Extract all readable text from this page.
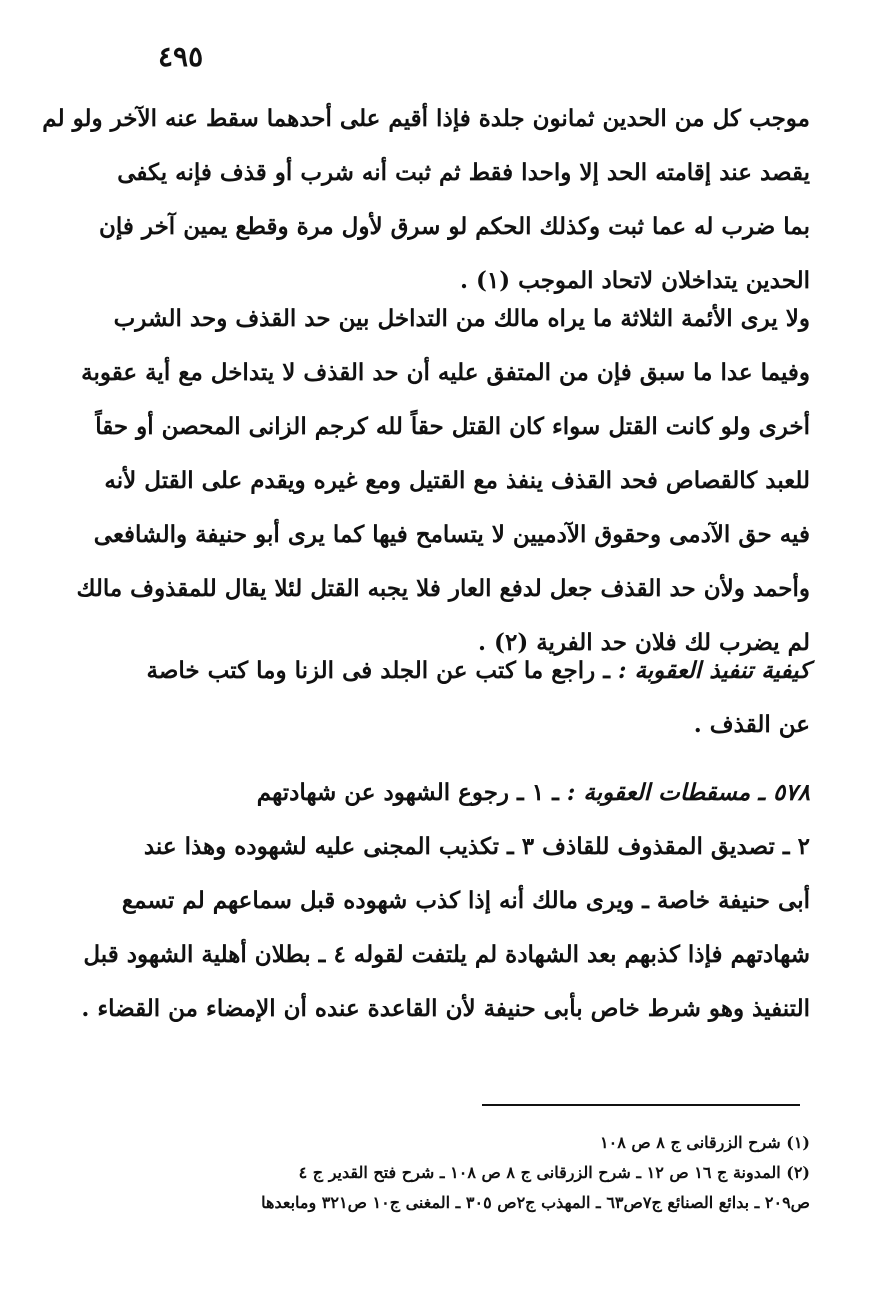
٤٩٥

موجب كل من الحدين ثمانون جلدة فإذا أقيم على أحدهما سقط عنه الآخر ولو لم
يقصد عند إقامته الحد إلا واحدا فقط ثم ثبت أنه شرب أو قذف فإنه يكفى
بما ضرب له عما ثبت وكذلك الحكم لو سرق لأول مرة وقطع يمين آخر فإن
الحدين يتداخلان لاتحاد الموجب (١) .

ولا يرى الأئمة الثلاثة ما يراه مالك من التداخل بين حد القذف وحد الشرب
وفيما عدا ما سبق فإن من المتفق عليه أن حد القذف لا يتداخل مع أية عقوبة
أخرى ولو كانت القتل سواء كان القتل حقاً لله كرجم الزانى المحصن أو حقاً
للعبد كالقصاص فحد القذف ينفذ مع القتيل ومع غيره ويقدم على القتل لأنه
فيه حق الآدمى وحقوق الآدميين لا يتسامح فيها كما يرى أبو حنيفة والشافعى
وأحمد ولأن حد القذف جعل لدفع العار فلا يجبه القتل لئلا يقال للمقذوف مالك
لم يضرب لك فلان حد الفرية (٢) .

كيفية تنفيذ العقوبة : ـ راجع ما كتب عن الجلد فى الزنا وما كتب خاصة
عن القذف .

٥٧٨ ـ مسقطات العقوبة : ـ ١ ـ رجوع الشهود عن شهادتهم
٢ ـ تصديق المقذوف للقاذف ٣ ـ تكذيب المجنى عليه لشهوده وهذا عند
أبى حنيفة خاصة ـ ويرى مالك أنه إذا كذب شهوده قبل سماعهم لم تسمع
شهادتهم فإذا كذبهم بعد الشهادة لم يلتفت لقوله ٤ ـ بطلان أهلية الشهود قبل
التنفيذ وهو شرط خاص بأبى حنيفة لأن القاعدة عنده أن الإمضاء من القضاء .

(١) شرح الزرقانى ج ٨ ص ١٠٨
(٢) المدونة ج ١٦ ص ١٢ ـ شرح الزرقانى ج ٨ ص ١٠٨ ـ شرح فتح القدير ج ٤
ص٢٠٩ ـ بدائع الصنائع ج٧ص٦٣ ـ المهذب ج٢ص ٣٠٥ ـ المغنى ج١٠ ص٣٢١ ومابعدها
